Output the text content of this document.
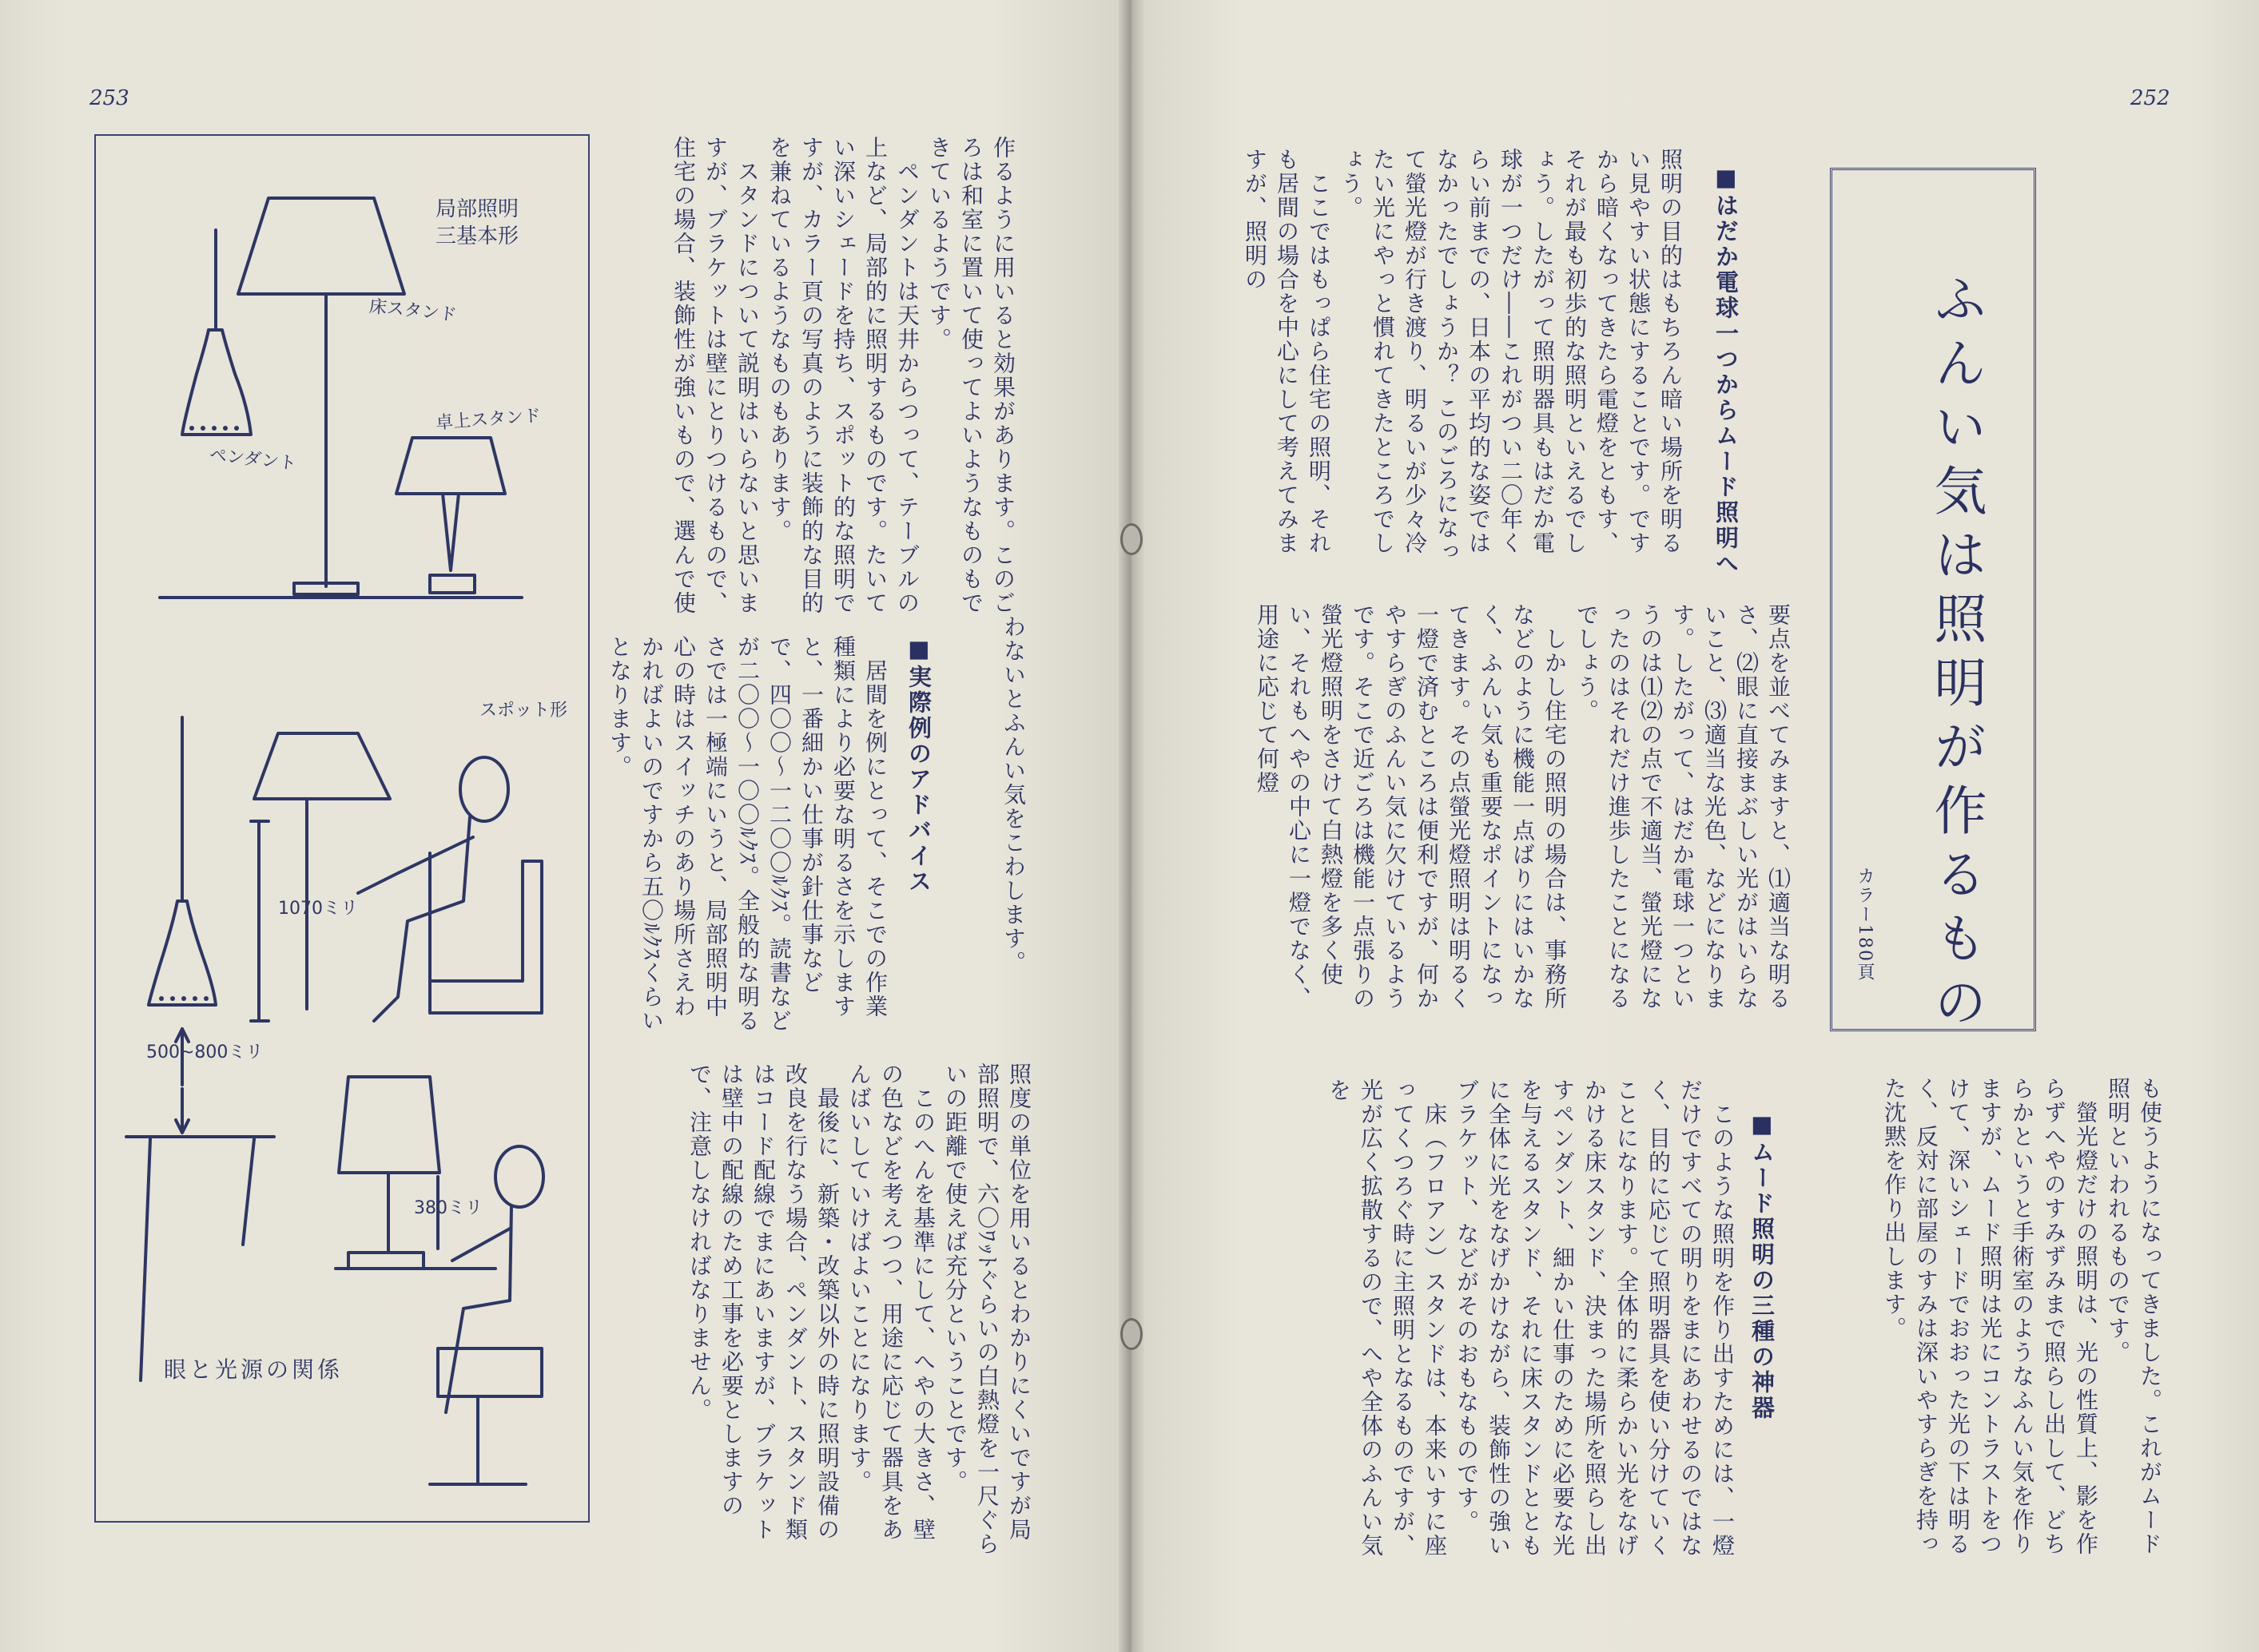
253	252
ふんい気は照明が作るもの
カラー180頁
■はだか電球一つからムード照明へ
照明の目的はもちろん暗い場所を明るい見やすい状態にすることです。ですから暗くなってきたら電燈をともす、それが最も初歩的な照明といえるでしょう。したがって照明器具もはだか電球が一つだけ――これがつい二〇年くらい前までの、日本の平均的な姿ではなかったでしょうか？ このごろになって螢光燈が行き渡り、明るいが少々冷たい光にやっと慣れてきたところでしょう。
　ここではもっぱら住宅の照明、それも居間の場合を中心にして考えてみますが、照明の
要点を並べてみますと、⑴適当な明るさ、⑵眼に直接まぶしい光がはいらないこと、⑶適当な光色、などになります。したがって、はだか電球一つというのは⑴⑵の点で不適当、螢光燈になったのはそれだけ進歩したことになるでしょう。
　しかし住宅の照明の場合は、事務所などのように機能一点ばりにはいかなく、ふんい気も重要なポイントになってきます。その点螢光燈照明は明るく一燈で済むところは便利ですが、何かやすらぎのふんい気に欠けているようです。そこで近ごろは機能一点張りの螢光燈照明をさけて白熱燈を多く使い、それもへやの中心に一燈でなく、用途に応じて何燈
も使うようになってきました。これがムード照明といわれるものです。
　螢光燈だけの照明は、光の性質上、影を作らずへやのすみずみまで照らし出して、どちらかというと手術室のようなふんい気を作りますが、ムード照明は光にコントラストをつけて、深いシェードでおおった光の下は明るく、反対に部屋のすみは深いやすらぎを持った沈黙を作り出します。
■ムード照明の三種の神器
　このような照明を作り出すためには、一燈だけですべての明りをまにあわせるのではなく、目的に応じて照明器具を使い分けていくことになります。全体的に柔らかい光をなげかける床スタンド、決まった場所を照らし出すペンダント、細かい仕事のために必要な光を与えるスタンド、それに床スタンドとともに全体に光をなげかけながら、装飾性の強いブラケット、などがそのおもなものです。
　床（フロアン）スタンドは、本来いすに座ってくつろぐ時に主照明となるものですが、光が広く拡散するので、へや全体のふんい気を
作るように用いると効果があります。このごろは和室に置いて使ってよいようなものもできているようです。
　ペンダントは天井からつって、テーブルの上など、局部的に照明するものです。たいてい深いシェードを持ち、スポット的な照明ですが、カラー頁の写真のように装飾的な目的を兼ねているようなものもあります。
　スタンドについて説明はいらないと思いますが、ブラケットは壁にとりつけるもので、住宅の場合、装飾性が強いもので、選んで使
わないとふんい気をこわします。
■実際例のアドバイス
　居間を例にとって、そこでの作業種類により必要な明るさを示しますと、一番細かい仕事が針仕事などで、四〇〇～一二〇〇ﾙｸｽ。読書などが二〇〇～一〇〇ﾙｸｽ。全般的な明るさでは一極端にいうと、局部照明中心の時はスイッチのあり場所さえわかればよいのですから五〇ﾙｸｽくらいとなります。
照度の単位を用いるとわかりにくいですが局部照明で、六〇ﾜｯﾄぐらいの白熱燈を一尺ぐらいの距離で使えば充分ということです。
　このへんを基準にして、へやの大きさ、壁の色などを考えつつ、用途に応じて器具をあんばいしていけばよいことになります。
　最後に、新築・改築以外の時に照明設備の改良を行なう場合、ペンダント、スタンド類はコード配線でまにあいますが、ブラケットは壁中の配線のため工事を必要としますので、注意しなければなりません。
局部照明
三基本形
床スタンド
卓上スタンド
ペンダント
スポット形
1070ミリ
500~800ミリ
380ミリ
眼と光源の関係
